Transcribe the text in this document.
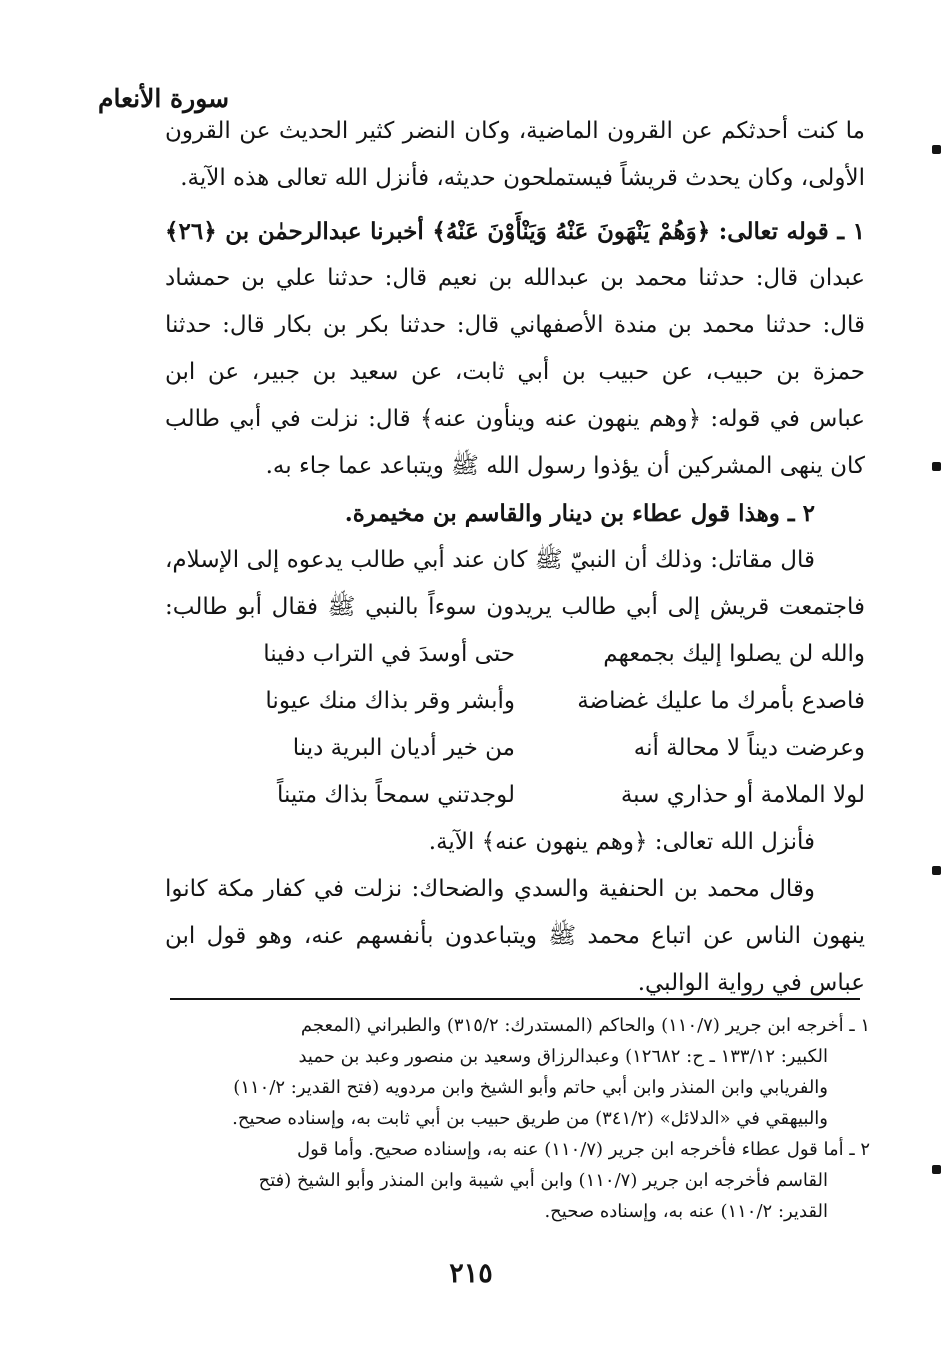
سورة الأنعام
ما كنت أحدثكم عن القرون الماضية، وكان النضر كثير الحديث عن القرون
الأولى، وكان يحدث قريشاً فيستملحون حديثه، فأنزل الله تعالى هذه الآية.
١ ـ قوله تعالى: ﴿وَهُمْ يَنْهَونَ عَنْهُ وَيَنْأَوْنَ عَنْهُ﴾ أخبرنا عبدالرحمٰن بن ﴿٢٦﴾
عبدان قال: حدثنا محمد بن عبدالله بن نعيم قال: حدثنا علي بن حمشاد
قال: حدثنا محمد بن مندة الأصفهاني قال: حدثنا بكر بن بكار قال: حدثنا
حمزة بن حبيب، عن حبيب بن أبي ثابت، عن سعيد بن جبير، عن ابن
عباس في قوله: ﴿وهم ينهون عنه وينأون عنه﴾ قال: نزلت في أبي طالب
كان ينهى المشركين أن يؤذوا رسول الله ﷺ ويتباعد عما جاء به.
٢ ـ وهذا قول عطاء بن دينار والقاسم بن مخيمرة.
قال مقاتل: وذلك أن النبيّ ﷺ كان عند أبي طالب يدعوه إلى الإسلام،
فاجتمعت قريش إلى أبي طالب يريدون سوءاً بالنبي ﷺ فقال أبو طالب:
والله لن يصلوا إليك بجمعهم
حتى أوسدَ في التراب دفينا
فاصدع بأمرك ما عليك غضاضة
وأبشر وقر بذاك منك عيونا
وعرضت ديناً لا محالة أنه
من خير أديان البرية دينا
لولا الملامة أو حذاري سبة
لوجدتني سمحاً بذاك متيناً
فأنزل الله تعالى: ﴿وهم ينهون عنه﴾ الآية.
وقال محمد بن الحنفية والسدي والضحاك: نزلت في كفار مكة كانوا
ينهون الناس عن اتباع محمد ﷺ ويتباعدون بأنفسهم عنه، وهو قول ابن
عباس في رواية الوالبي.
١ ـ أخرجه ابن جرير (١١٠/٧) والحاكم (المستدرك: ٣١٥/٢) والطبراني (المعجم
الكبير: ١٣٣/١٢ ـ ح: ١٢٦٨٢) وعبدالرزاق وسعيد بن منصور وعبد بن حميد
والفريابي وابن المنذر وابن أبي حاتم وأبو الشيخ وابن مردويه (فتح القدير: ١١٠/٢)
والبيهقي في «الدلائل» (٣٤١/٢) من طريق حبيب بن أبي ثابت به، وإسناده صحيح.
٢ ـ أما قول عطاء فأخرجه ابن جرير (١١٠/٧) عنه به، وإسناده صحيح. وأما قول
القاسم فأخرجه ابن جرير (١١٠/٧) وابن أبي شيبة وابن المنذر وأبو الشيخ (فتح
القدير: ١١٠/٢) عنه به، وإسناده صحيح.
٢١٥
